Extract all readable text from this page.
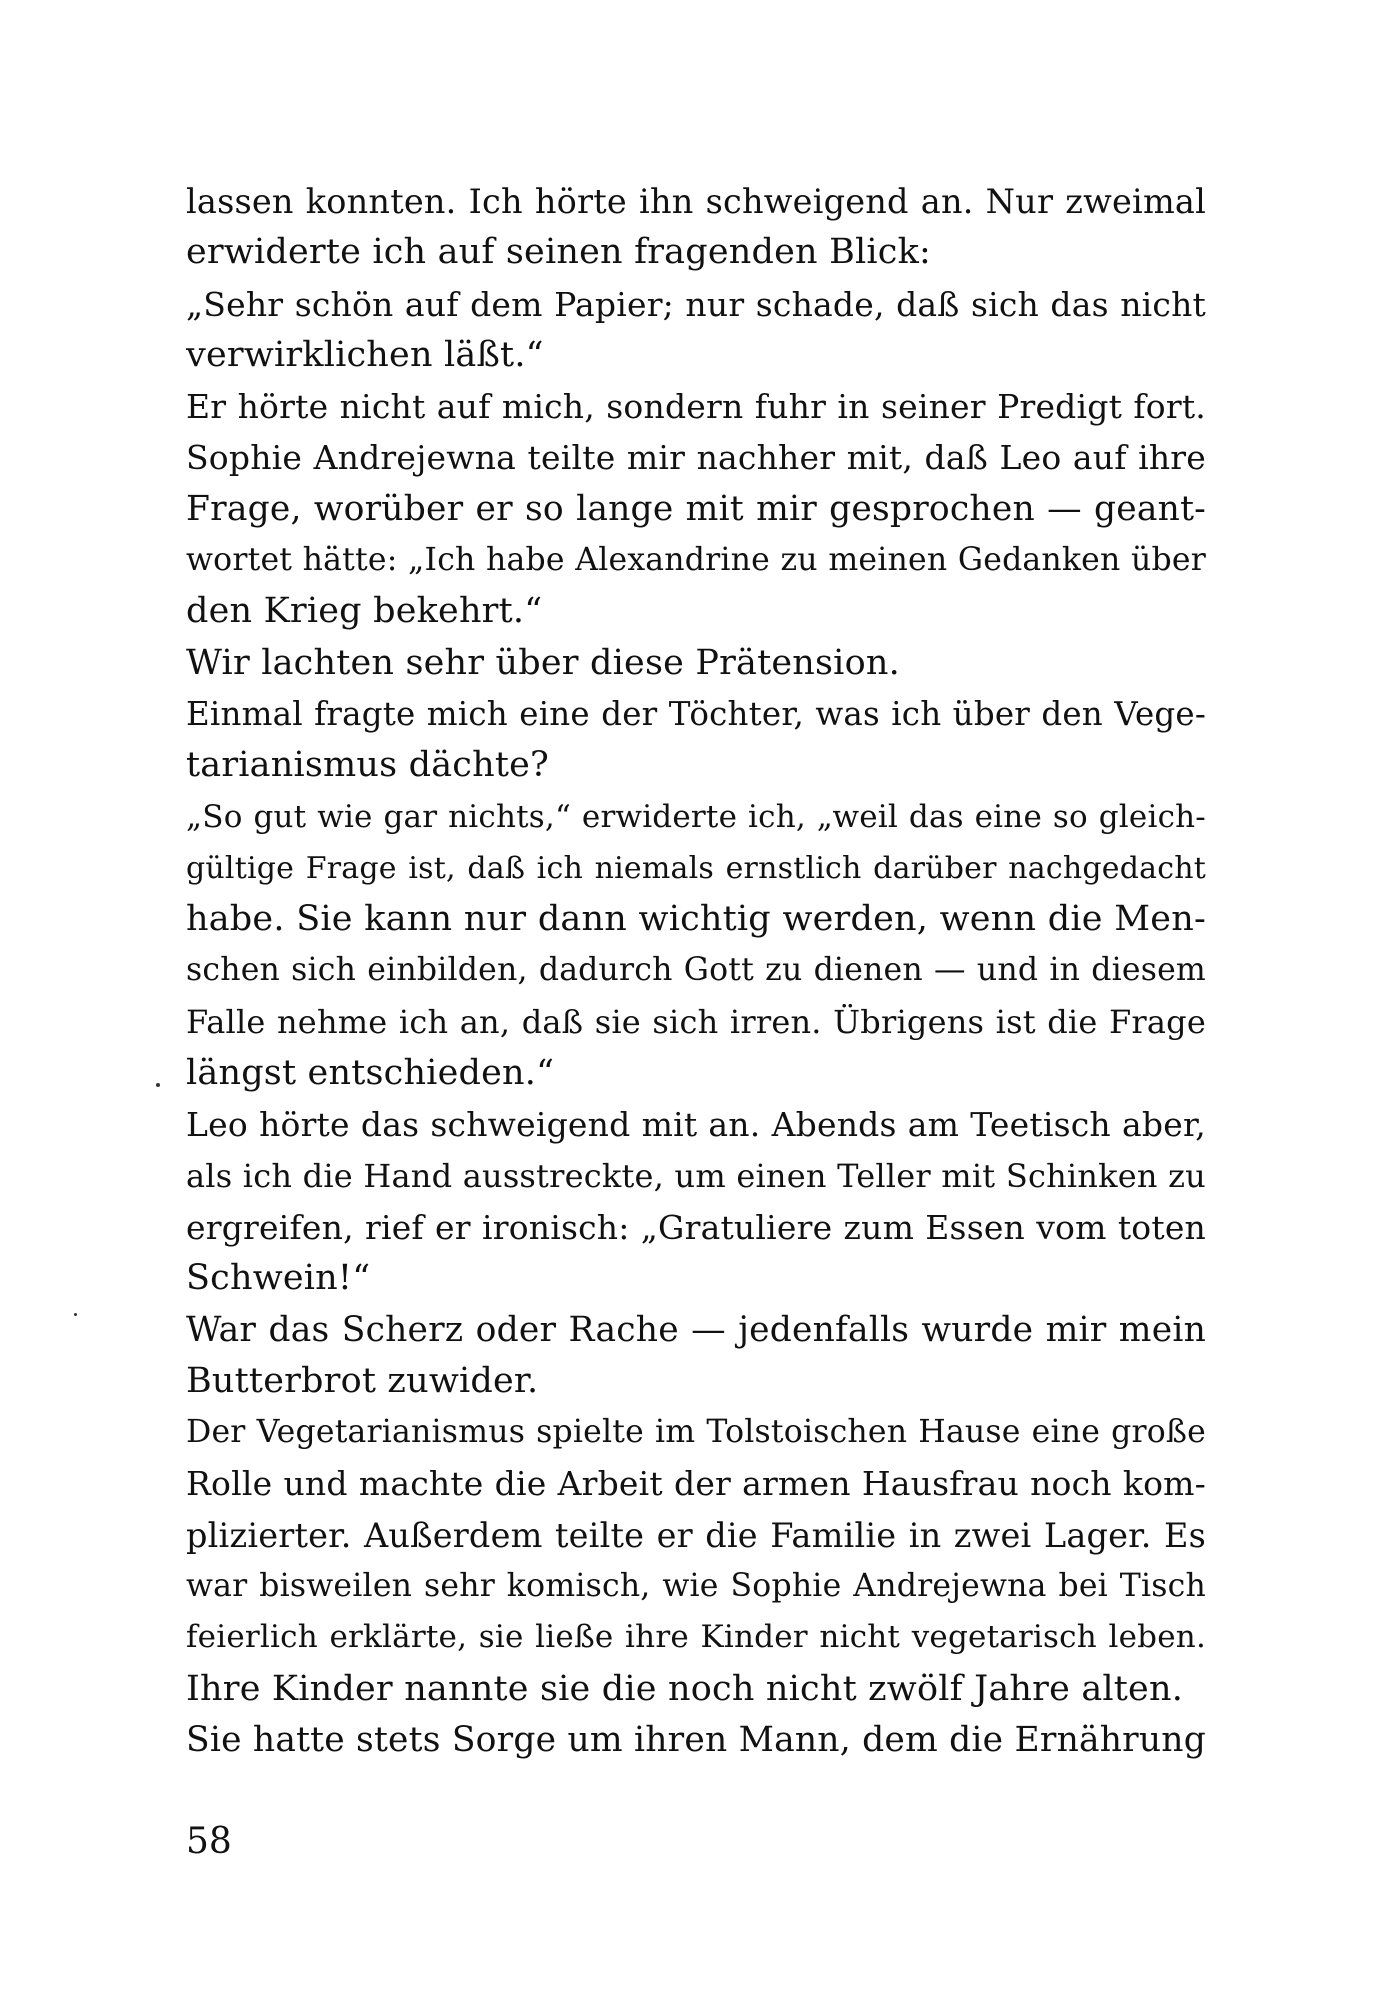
lassen konnten. Ich hörte ihn schweigend an. Nur zweimal
erwiderte ich auf seinen fragenden Blick:
„Sehr schön auf dem Papier; nur schade, daß sich das nicht
verwirklichen läßt.“
Er hörte nicht auf mich, sondern fuhr in seiner Predigt fort.
Sophie Andrejewna teilte mir nachher mit, daß Leo auf ihre
Frage, worüber er so lange mit mir gesprochen — geant-
wortet hätte: „Ich habe Alexandrine zu meinen Gedanken über
den Krieg bekehrt.“
Wir lachten sehr über diese Prätension.
Einmal fragte mich eine der Töchter, was ich über den Vege-
tarianismus dächte?
„So gut wie gar nichts,“ erwiderte ich, „weil das eine so gleich-
gültige Frage ist, daß ich niemals ernstlich darüber nachgedacht
habe. Sie kann nur dann wichtig werden, wenn die Men-
schen sich einbilden, dadurch Gott zu dienen — und in diesem
Falle nehme ich an, daß sie sich irren. Übrigens ist die Frage
längst entschieden.“
Leo hörte das schweigend mit an. Abends am Teetisch aber,
als ich die Hand ausstreckte, um einen Teller mit Schinken zu
ergreifen, rief er ironisch: „Gratuliere zum Essen vom toten
Schwein!“
War das Scherz oder Rache — jedenfalls wurde mir mein
Butterbrot zuwider.
Der Vegetarianismus spielte im Tolstoischen Hause eine große
Rolle und machte die Arbeit der armen Hausfrau noch kom-
plizierter. Außerdem teilte er die Familie in zwei Lager. Es
war bisweilen sehr komisch, wie Sophie Andrejewna bei Tisch
feierlich erklärte, sie ließe ihre Kinder nicht vegetarisch leben.
Ihre Kinder nannte sie die noch nicht zwölf Jahre alten.
Sie hatte stets Sorge um ihren Mann, dem die Ernährung
58
